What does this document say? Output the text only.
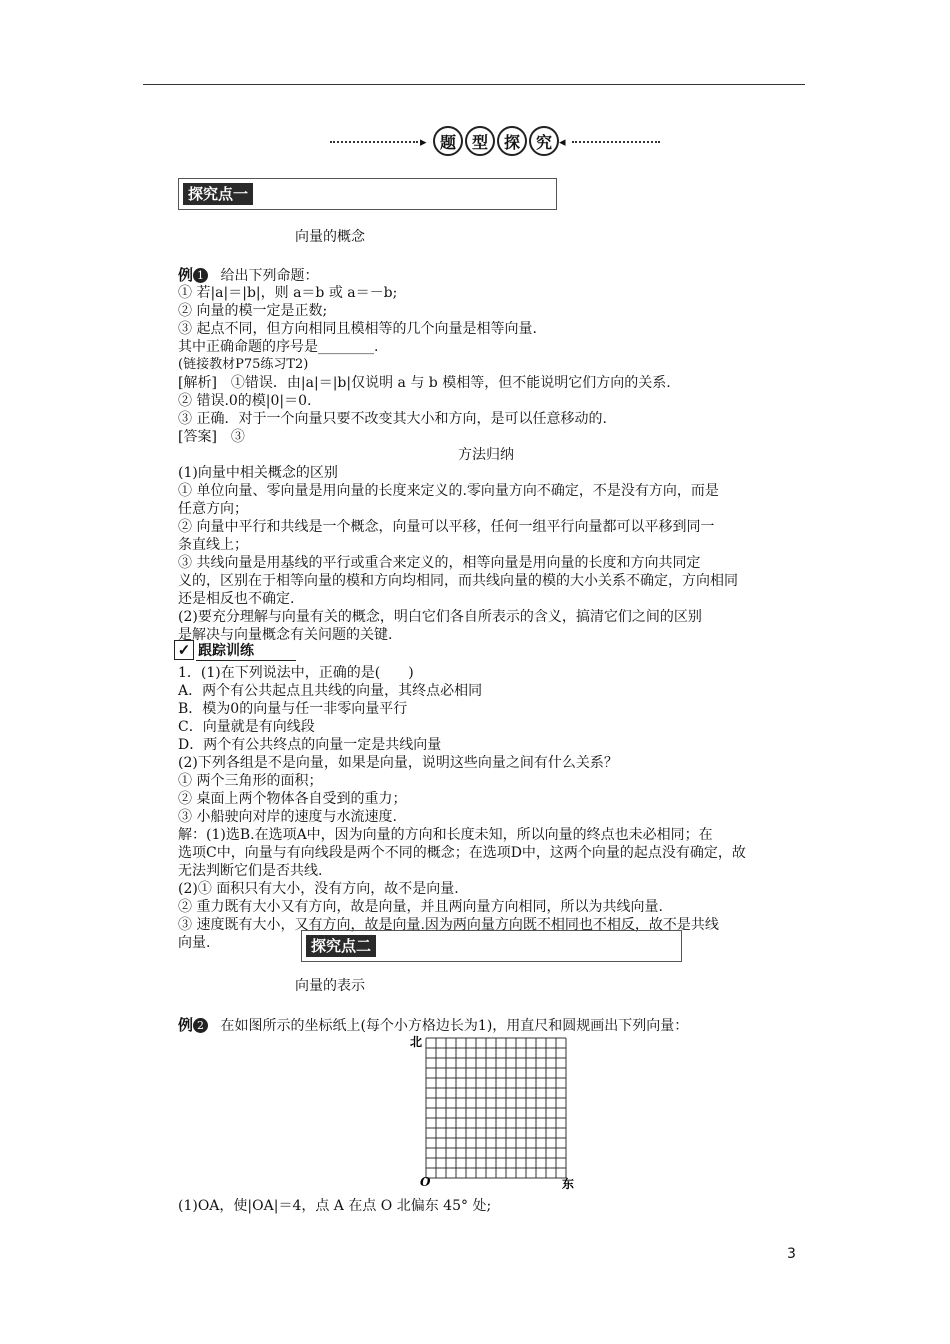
▸ 题 型 探 究 ◂
探究点一
向量的概念
例 1 给出下列命题：
① 若|a|＝|b|，则 a＝b 或 a＝－b;
② 向量的模一定是正数;
③ 起点不同，但方向相同且模相等的几个向量是相等向量.
其中正确命题的序号是________.
(链接教材P75练习T2)
[解析]　①错误．由|a|＝|b|仅说明 a 与 b 模相等，但不能说明它们方向的关系.
② 错误.0的模|0|＝0.
③ 正确．对于一个向量只要不改变其大小和方向，是可以任意移动的.
[答案]　③
方法归纳
(1)向量中相关概念的区别
① 单位向量、零向量是用向量的长度来定义的.零向量方向不确定，不是没有方向，而是
任意方向；
② 向量中平行和共线是一个概念，向量可以平移，任何一组平行向量都可以平移到同一
条直线上；
③ 共线向量是用基线的平行或重合来定义的，相等向量是用向量的长度和方向共同定
义的，区别在于相等向量的模和方向均相同，而共线向量的模的大小关系不确定，方向相同
还是相反也不确定.
(2)要充分理解与向量有关的概念，明白它们各自所表示的含义，搞清它们之间的区别
是解决与向量概念有关问题的关键.
✓ 跟踪训练
1．(1)在下列说法中，正确的是(　　)
A．两个有公共起点且共线的向量，其终点必相同
B．模为0的向量与任一非零向量平行
C．向量就是有向线段
D．两个有公共终点的向量一定是共线向量
(2)下列各组是不是向量，如果是向量，说明这些向量之间有什么关系？
① 两个三角形的面积；
② 桌面上两个物体各自受到的重力；
③ 小船驶向对岸的速度与水流速度.
解：(1)选B.在选项A中，因为向量的方向和长度未知，所以向量的终点也未必相同；在
选项C中，向量与有向线段是两个不同的概念；在选项D中，这两个向量的起点没有确定，故
无法判断它们是否共线.
(2)① 面积只有大小，没有方向，故不是向量.
② 重力既有大小又有方向，故是向量，并且两向量方向相同，所以为共线向量.
③ 速度既有大小，又有方向，故是向量.因为两向量方向既不相同也不相反，故不是共线
向量.	探究点二
向量的表示
例 2 在如图所示的坐标纸上(每个小方格边长为1)，用直尺和圆规画出下列向量：
北
O	东
(1)OA，使|OA|＝4，点 A 在点 O 北偏东 45° 处;
3
